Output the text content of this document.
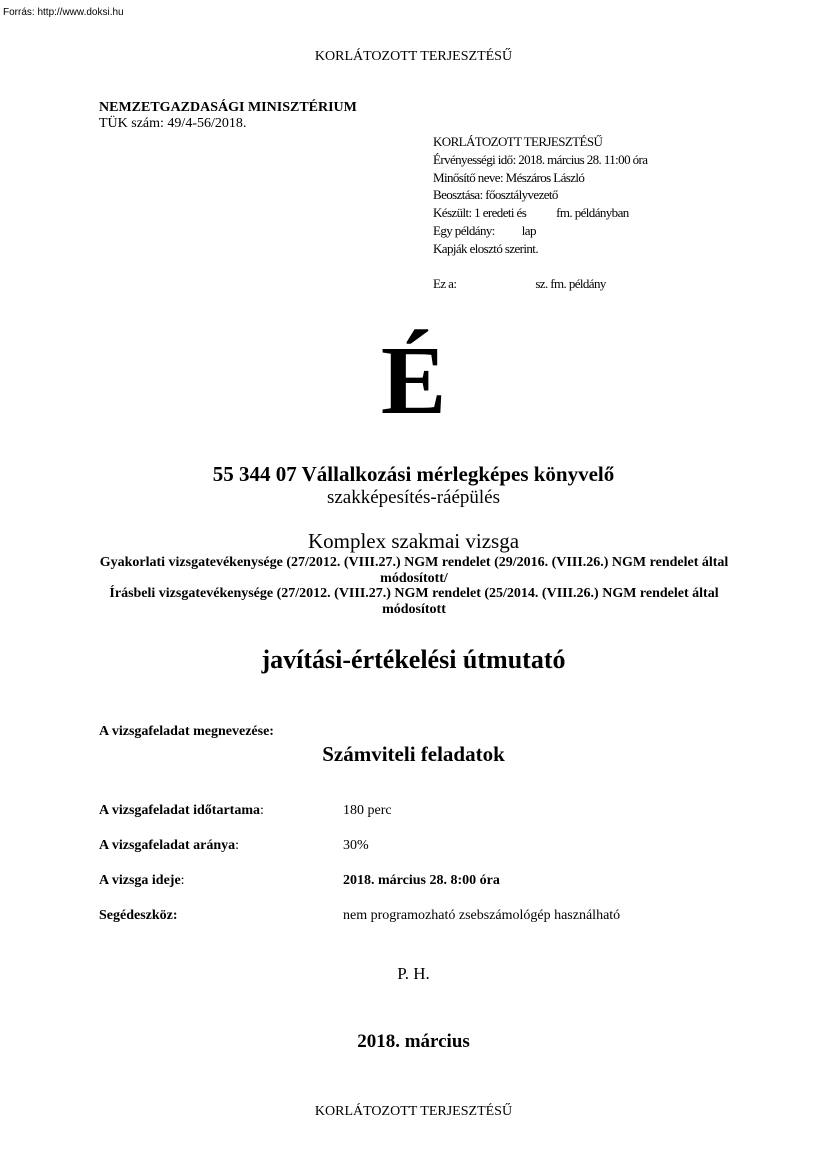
Forrás: http://www.doksi.hu
KORLÁTOZOTT TERJESZTÉSŰ
NEMZETGAZDASÁGI MINISZTÉRIUM
TÜK szám: 49/4-56/2018.
KORLÁTOZOTT TERJESZTÉSŰ
Érvényességi idő: 2018. március 28. 11:00 óra
Minősítő neve: Mészáros László
Beosztása: főosztályvezető
Készült: 1 eredeti és fm. példányban
Egy példány: lap
Kapják elosztó szerint.
Ez a:	sz. fm. példány
É
55 344 07 Vállalkozási mérlegképes könyvelő
szakképesítés-ráépülés
Komplex szakmai vizsga
Gyakorlati vizsgatevékenysége (27/2012. (VIII.27.) NGM rendelet (29/2016. (VIII.26.) NGM rendelet által módosított/
Írásbeli vizsgatevékenysége (27/2012. (VIII.27.) NGM rendelet (25/2014. (VIII.26.) NGM rendelet által módosított
javítási-értékelési útmutató
A vizsgafeladat megnevezése:
Számviteli feladatok
A vizsgafeladat időtartama:	180 perc
A vizsgafeladat aránya:	30%
A vizsga ideje:	2018. március 28. 8:00 óra
Segédeszköz:	nem programozható zsebszámológép használható
P. H.
2018. március
KORLÁTOZOTT TERJESZTÉSŰ
